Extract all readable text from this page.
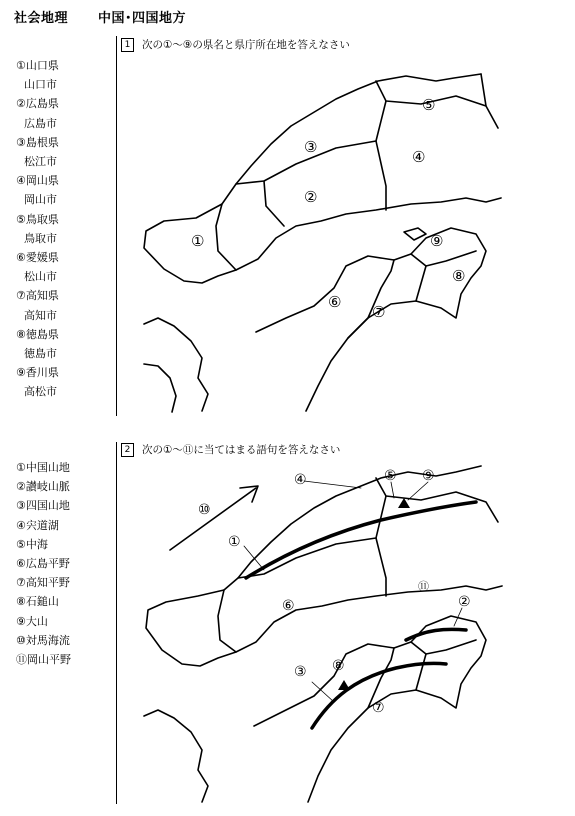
社会地理 中国･四国地方
1	次の①～⑨の県名と県庁所在地を答えなさい
①山口県
山口市
②広島県
広島市
③島根県
松江市
④岡山県
岡山市
⑤鳥取県
鳥取市
⑥愛媛県
松山市
⑦高知県
高知市
⑧徳島県
徳島市
⑨香川県
高松市
①
②
③
④
⑤
⑥
⑦
⑧
⑨
2	次の①～⑪に当てはまる語句を答えなさい
①中国山地
②讃岐山脈
③四国山地
④宍道湖
⑤中海
⑥広島平野
⑦高知平野
⑧石鎚山
⑨大山
⑩対馬海流
⑪岡山平野
①
②
③
④	⑤
⑥
⑦
⑧
⑨
⑩
⑪
